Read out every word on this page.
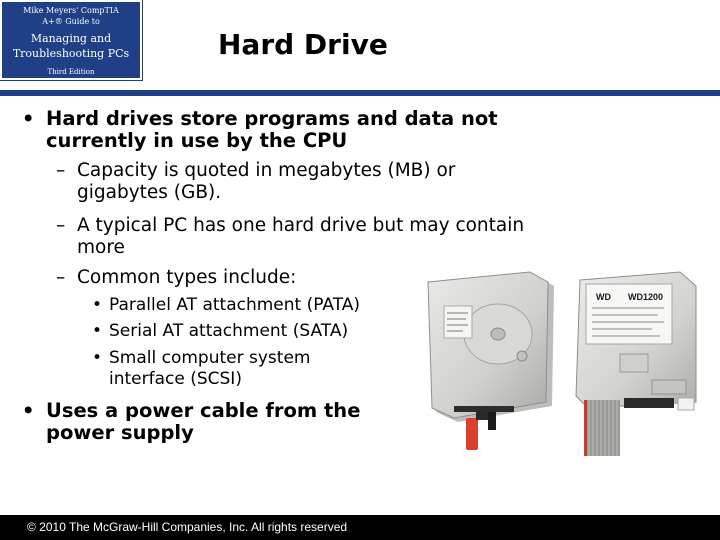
Mike Meyers' CompTIA
A+® Guide to
Managing and
Troubleshooting PCs
Third Edition
Hard Drive
• Hard drives store programs and data not
currently in use by the CPU
– Capacity is quoted in megabytes (MB) or
gigabytes (GB).
– A typical PC has one hard drive but may contain
more
– Common types include:
• Parallel AT attachment (PATA)
• Serial AT attachment (SATA)
• Small computer system
interface (SCSI)
• Uses a power cable from the
power supply
WD WD1200
© 2010 The McGraw-Hill Companies, Inc. All rights reserved
